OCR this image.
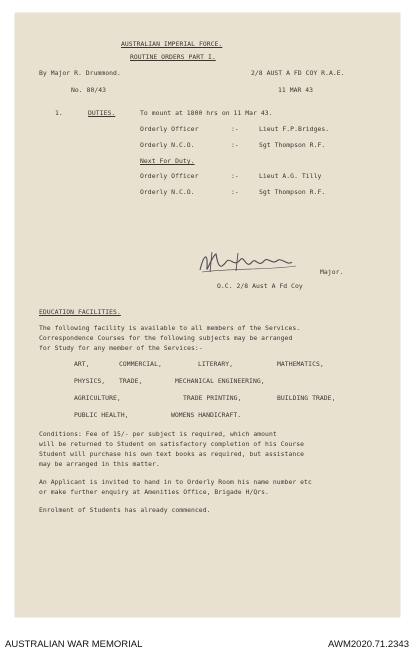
AUSTRALIAN IMPERIAL FORCE.
ROUTINE ORDERS PART I.
By Major R. Drummond.	2/8 AUST A FD COY R.A.E.
No. 80/43	11 MAR 43
1.	DUTIES.	To mount at 1800 hrs on 11 Mar 43.
Orderly Officer	:-	Lieut F.P.Bridges.
Orderly N.C.O.	:-	Sgt Thompson R.F.
Next For Duty.
Orderly Officer	:-	Lieut A.G. Tilly
Orderly N.C.O.	:-	Sgt Thompson R.F.
Major.
O.C. 2/8 Aust A Fd Coy
EDUCATION FACILITIES.
The following facility is available to all members of the Services.
Correspondence Courses for the following subjects may be arranged
for Study for any member of the Services:-
ART,	COMMERCIAL,	LITERARY,	MATHEMATICS,
PHYSICS, TRADE,	MECHANICAL ENGINEERING,
AGRICULTURE,	TRADE PRINTING,	BUILDING TRADE,
PUBLIC HEALTH,	WOMENS HANDICRAFT.
Conditions: Fee of 15/- per subject is required, which amount
will be returned to Student on satisfactory completion of his Course
Student will purchase his own text books as required, but assistance
may be arranged in this matter.
An Applicant is invited to hand in to Orderly Room his name number etc
or make further enquiry at Amenities Office, Brigade H/Qrs.
Enrolment of Students has already commenced.
AUSTRALIAN WAR MEMORIAL	AWM2020.71.2343
